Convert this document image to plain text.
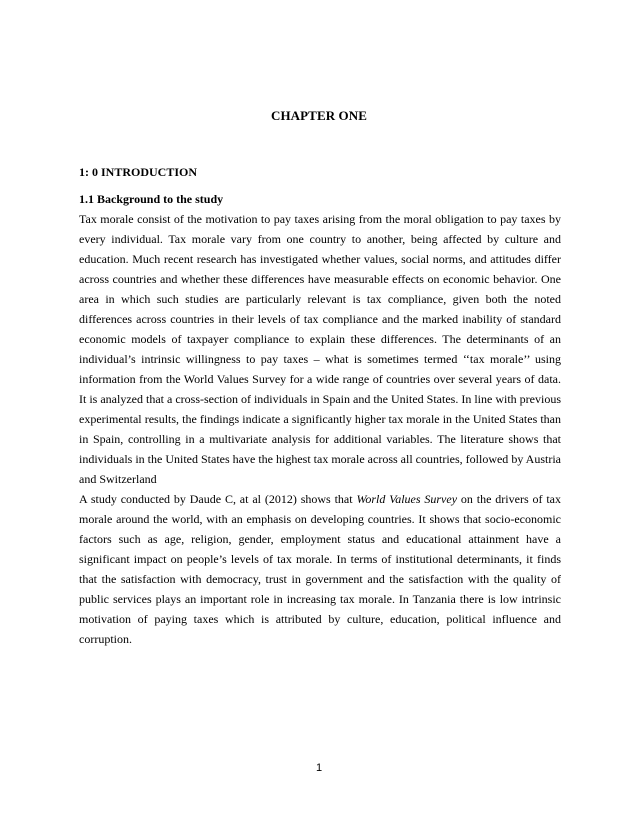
CHAPTER ONE
1: 0 INTRODUCTION

1.1 Background to the study

Tax morale consist of the motivation to pay taxes arising from the moral obligation to pay taxes by every individual. Tax morale vary from one country to another, being affected by culture and education. Much recent research has investigated whether values, social norms, and attitudes differ across countries and whether these differences have measurable effects on economic behavior. One area in which such studies are particularly relevant is tax compliance, given both the noted differences across countries in their levels of tax compliance and the marked inability of standard economic models of taxpayer compliance to explain these differences. The determinants of an individual’s intrinsic willingness to pay taxes – what is sometimes termed ‘‘tax morale’’ using information from the World Values Survey for a wide range of countries over several years of data. It is analyzed that a cross-section of individuals in Spain and the United States. In line with previous experimental results, the findings indicate a significantly higher tax morale in the United States than in Spain, controlling in a multivariate analysis for additional variables. The literature shows that individuals in the United States have the highest tax morale across all countries, followed by Austria and Switzerland

A study conducted by Daude C, at al (2012) shows that World Values Survey on the drivers of tax morale around the world, with an emphasis on developing countries. It shows that socio-economic factors such as age, religion, gender, employment status and educational attainment have a significant impact on people’s levels of tax morale. In terms of institutional determinants, it finds that the satisfaction with democracy, trust in government and the satisfaction with the quality of public services plays an important role in increasing tax morale. In Tanzania there is low intrinsic motivation of paying taxes which is attributed by culture, education, political influence and corruption.

1
